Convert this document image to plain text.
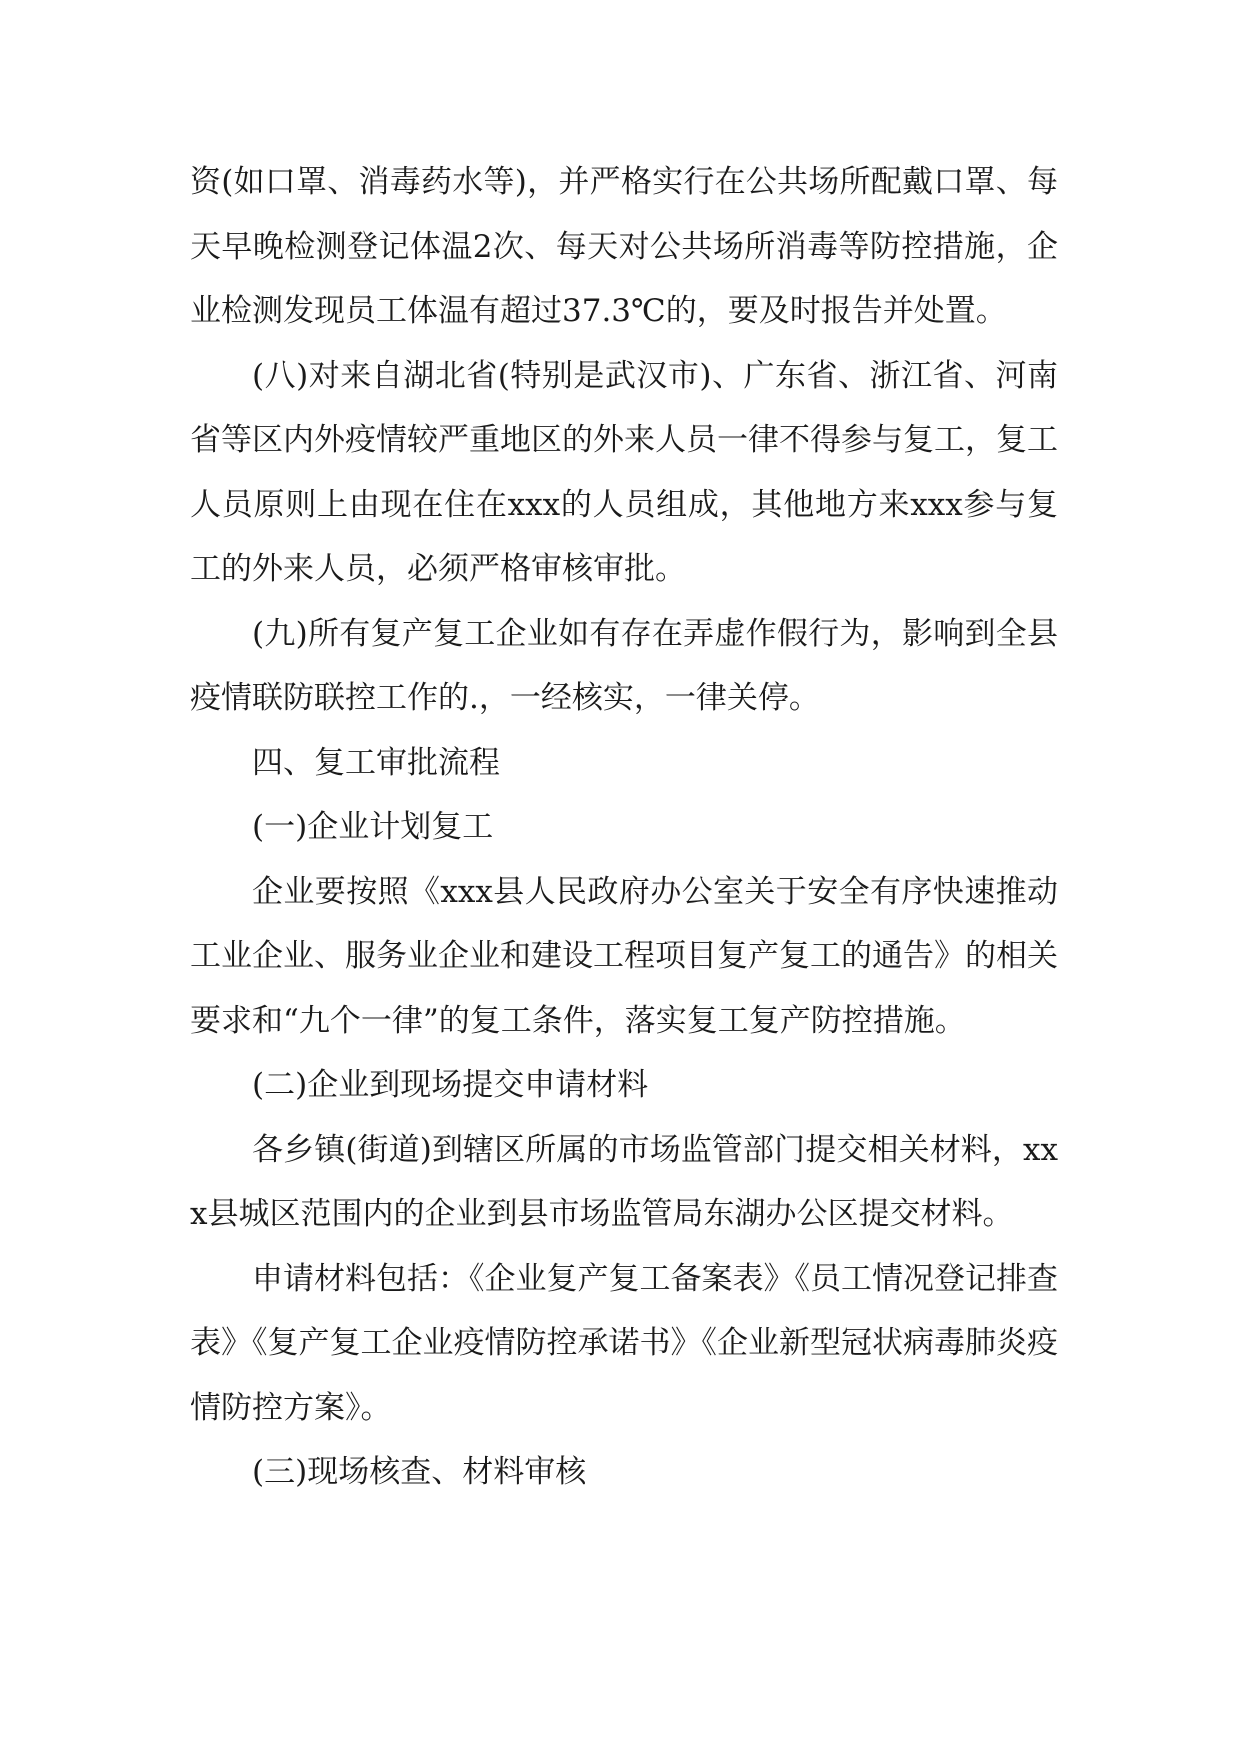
资(如口罩、消毒药水等)，并严格实行在公共场所配戴口罩、每天早晚检测登记体温2次、每天对公共场所消毒等防控措施，企业检测发现员工体温有超过37.3℃的，要及时报告并处置。

(八)对来自湖北省(特别是武汉市)、广东省、浙江省、河南省等区内外疫情较严重地区的外来人员一律不得参与复工，复工人员原则上由现在住在xxx的人员组成，其他地方来xxx参与复工的外来人员，必须严格审核审批。

(九)所有复产复工企业如有存在弄虚作假行为，影响到全县疫情联防联控工作的.，一经核实，一律关停。

四、复工审批流程

(一)企业计划复工

企业要按照《xxx县人民政府办公室关于安全有序快速推动工业企业、服务业企业和建设工程项目复产复工的通告》的相关要求和“九个一律”的复工条件，落实复工复产防控措施。

(二)企业到现场提交申请材料

各乡镇(街道)到辖区所属的市场监管部门提交相关材料，xxx县城区范围内的企业到县市场监管局东湖办公区提交材料。

申请材料包括：《企业复产复工备案表》《员工情况登记排查表》《复产复工企业疫情防控承诺书》《企业新型冠状病毒肺炎疫情防控方案》。

(三)现场核查、材料审核
